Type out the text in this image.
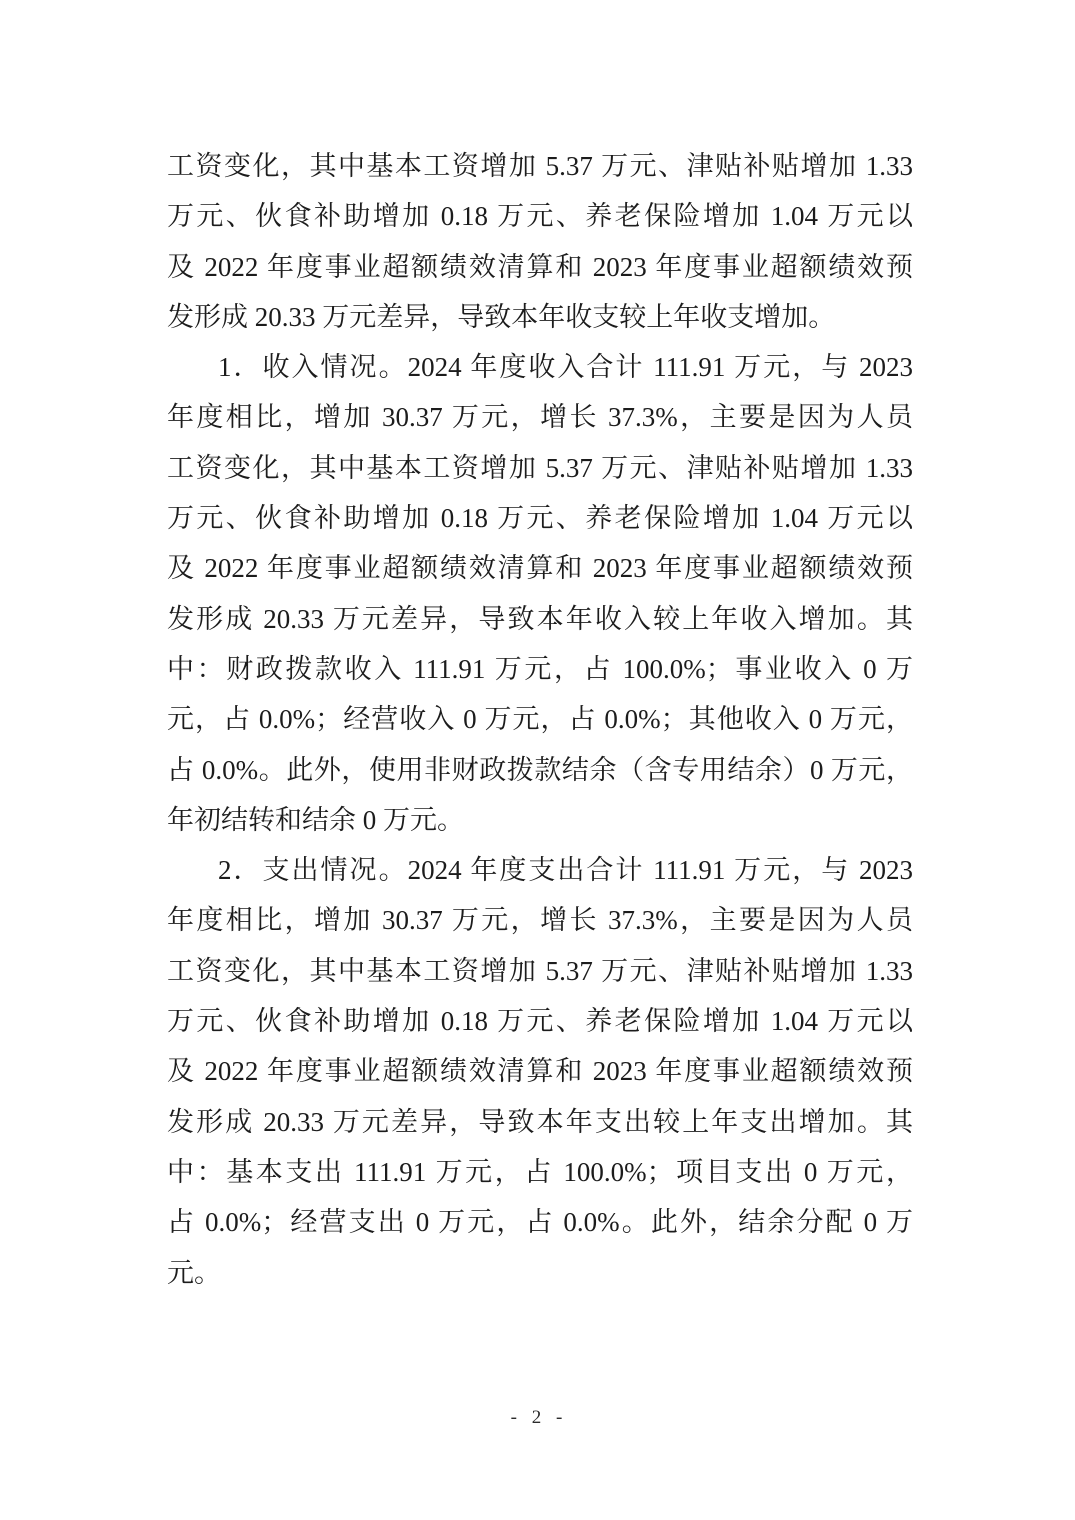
工资变化，其中基本工资增加 5.37 万元、津贴补贴增加 1.33
万元、伙食补助增加 0.18 万元、养老保险增加 1.04 万元以
及 2022 年度事业超额绩效清算和 2023 年度事业超额绩效预
发形成 20.33 万元差异，导致本年收支较上年收支增加。
1．收入情况。2024 年度收入合计 111.91 万元，与 2023
年度相比，增加 30.37 万元，增长 37.3%，主要是因为人员
工资变化，其中基本工资增加 5.37 万元、津贴补贴增加 1.33
万元、伙食补助增加 0.18 万元、养老保险增加 1.04 万元以
及 2022 年度事业超额绩效清算和 2023 年度事业超额绩效预
发形成 20.33 万元差异，导致本年收入较上年收入增加。其
中：财政拨款收入 111.91 万元，占 100.0%；事业收入 0 万
元，占 0.0%；经营收入 0 万元，占 0.0%；其他收入 0 万元，
占 0.0%。此外，使用非财政拨款结余（含专用结余）0 万元，
年初结转和结余 0 万元。
2．支出情况。2024 年度支出合计 111.91 万元，与 2023
年度相比，增加 30.37 万元，增长 37.3%，主要是因为人员
工资变化，其中基本工资增加 5.37 万元、津贴补贴增加 1.33
万元、伙食补助增加 0.18 万元、养老保险增加 1.04 万元以
及 2022 年度事业超额绩效清算和 2023 年度事业超额绩效预
发形成 20.33 万元差异，导致本年支出较上年支出增加。其
中：基本支出 111.91 万元，占 100.0%；项目支出 0 万元，
占 0.0%；经营支出 0 万元，占 0.0%。此外，结余分配 0 万
元。
- 2 -
